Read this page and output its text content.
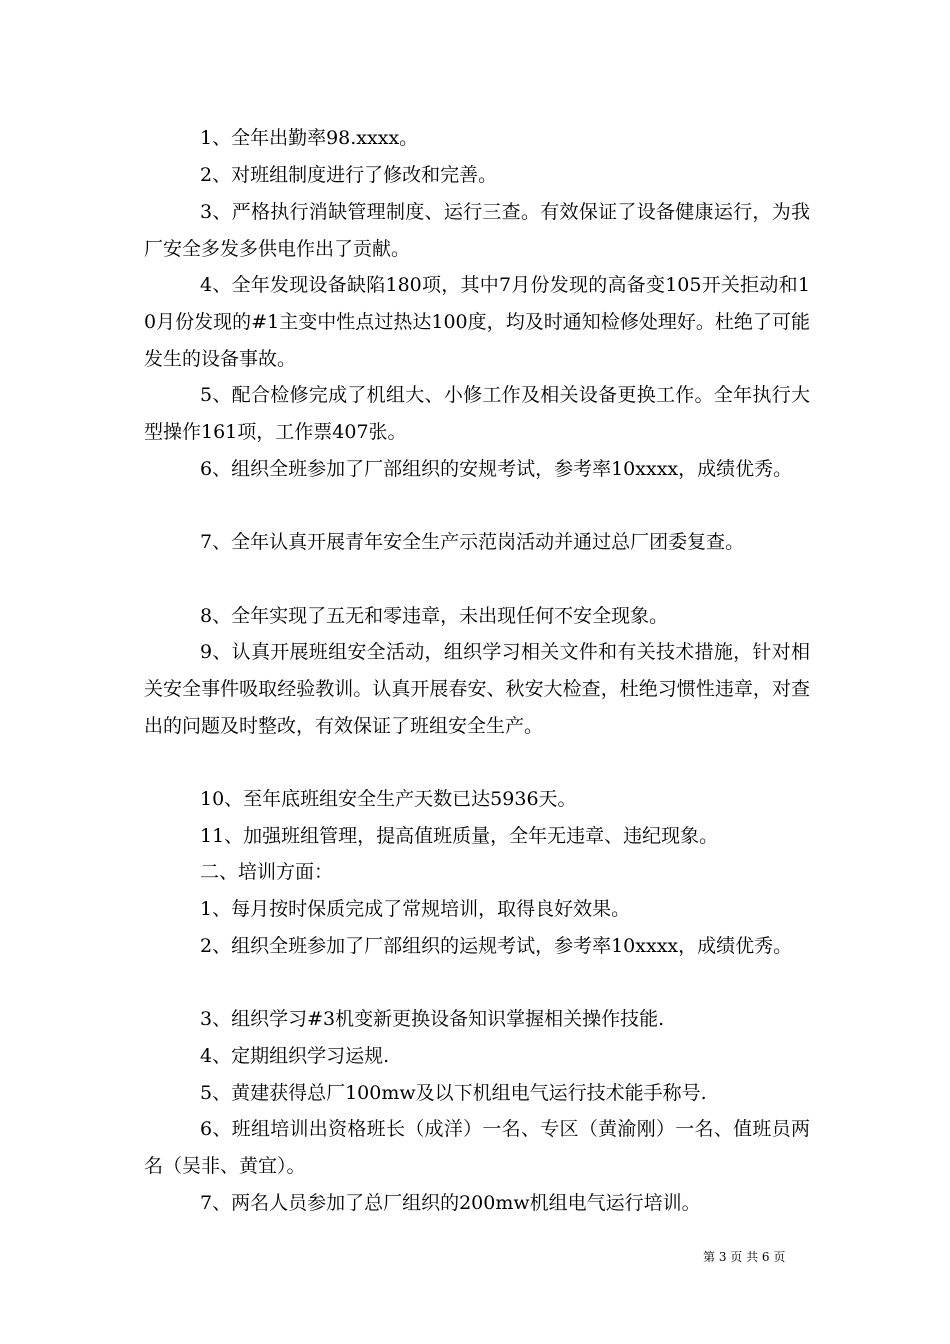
1、全年出勤率98.xxxx。

2、对班组制度进行了修改和完善。

3、严格执行消缺管理制度、运行三查。有效保证了设备健康运行，为我厂安全多发多供电作出了贡献。

4、全年发现设备缺陷180项，其中7月份发现的高备变105开关拒动和10月份发现的#1主变中性点过热达100度，均及时通知检修处理好。杜绝了可能发生的设备事故。

5、配合检修完成了机组大、小修工作及相关设备更换工作。全年执行大型操作161项，工作票407张。

6、组织全班参加了厂部组织的安规考试，参考率10xxxx，成绩优秀。

7、全年认真开展青年安全生产示范岗活动并通过总厂团委复查。

8、全年实现了五无和零违章，未出现任何不安全现象。

9、认真开展班组安全活动，组织学习相关文件和有关技术措施，针对相关安全事件吸取经验教训。认真开展春安、秋安大检查，杜绝习惯性违章，对查出的问题及时整改，有效保证了班组安全生产。

10、至年底班组安全生产天数已达5936天。

11、加强班组管理，提高值班质量，全年无违章、违纪现象。

二、培训方面：

1、每月按时保质完成了常规培训，取得良好效果。

2、组织全班参加了厂部组织的运规考试，参考率10xxxx，成绩优秀。

3、组织学习#3机变新更换设备知识掌握相关操作技能.

4、定期组织学习运规.

5、黄建获得总厂100mw及以下机组电气运行技术能手称号.

6、班组培训出资格班长（成洋）一名、专区（黄渝刚）一名、值班员两名（吴非、黄宜）。

7、两名人员参加了总厂组织的200mw机组电气运行培训。

第 3 页 共 6 页
